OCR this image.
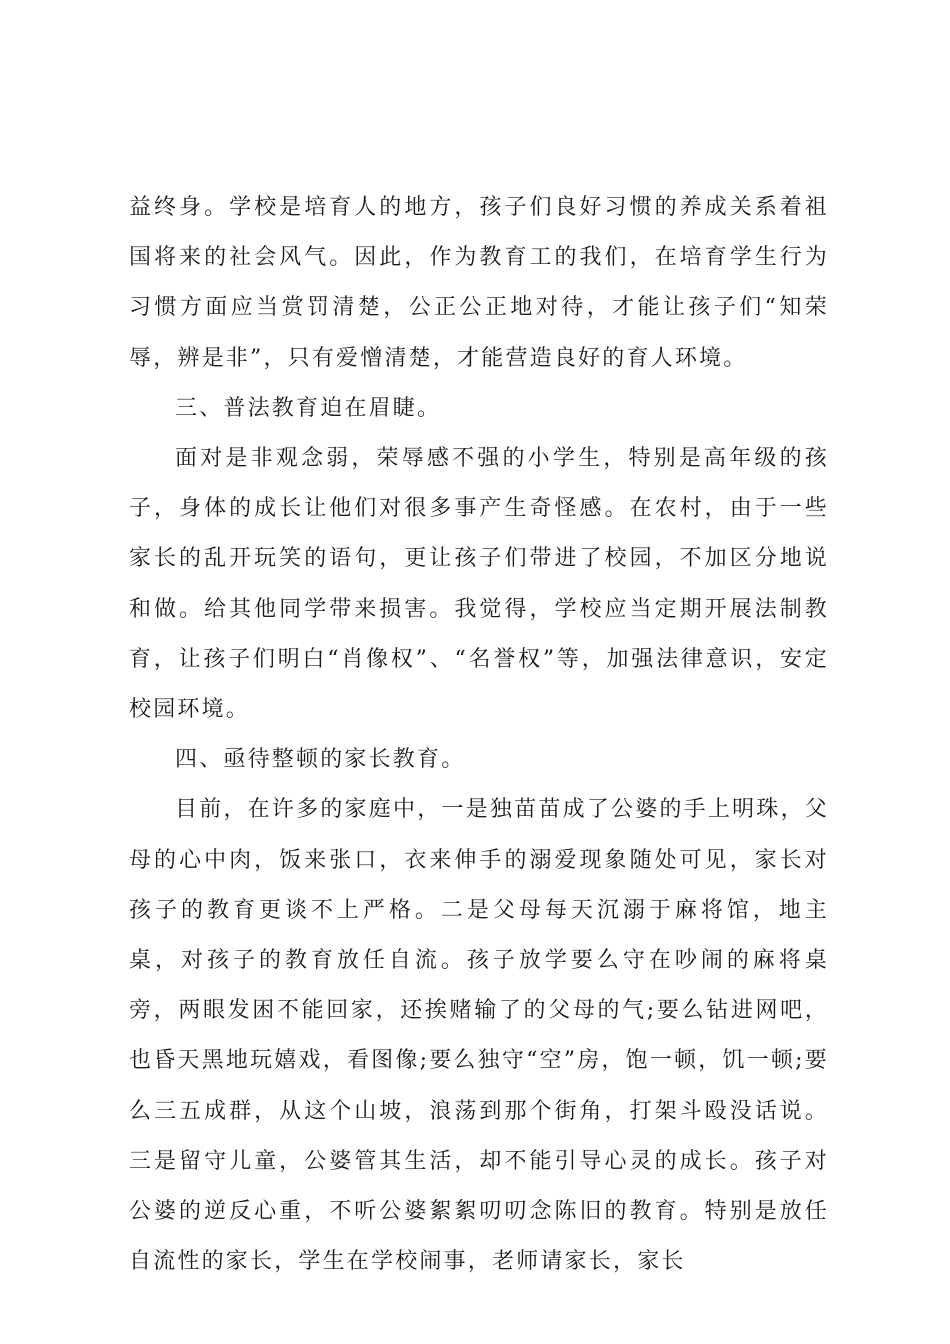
益终身。学校是培育人的地方，孩子们良好习惯的养成关系着祖国将来的社会风气。因此，作为教育工的我们，在培育学生行为习惯方面应当赏罚清楚，公正公正地对待，才能让孩子们“知荣辱，辨是非”，只有爱憎清楚，才能营造良好的育人环境。

三、普法教育迫在眉睫。

面对是非观念弱，荣辱感不强的小学生，特别是高年级的孩子，身体的成长让他们对很多事产生奇怪感。在农村，由于一些家长的乱开玩笑的语句，更让孩子们带进了校园，不加区分地说和做。给其他同学带来损害。我觉得，学校应当定期开展法制教育，让孩子们明白“肖像权”、“名誉权”等，加强法律意识，安定校园环境。

四、亟待整顿的家长教育。

目前，在许多的家庭中，一是独苗苗成了公婆的手上明珠，父母的心中肉，饭来张口，衣来伸手的溺爱现象随处可见，家长对孩子的教育更谈不上严格。二是父母每天沉溺于麻将馆，地主桌，对孩子的教育放任自流。孩子放学要么守在吵闹的麻将桌旁，两眼发困不能回家，还挨赌输了的父母的气;要么钻进网吧，也昏天黑地玩嬉戏，看图像;要么独守“空”房，饱一顿，饥一顿;要么三五成群，从这个山坡，浪荡到那个街角，打架斗殴没话说。三是留守儿童，公婆管其生活，却不能引导心灵的成长。孩子对公婆的逆反心重，不听公婆絮絮叨叨念陈旧的教育。特别是放任自流性的家长，学生在学校闹事，老师请家长，家长
